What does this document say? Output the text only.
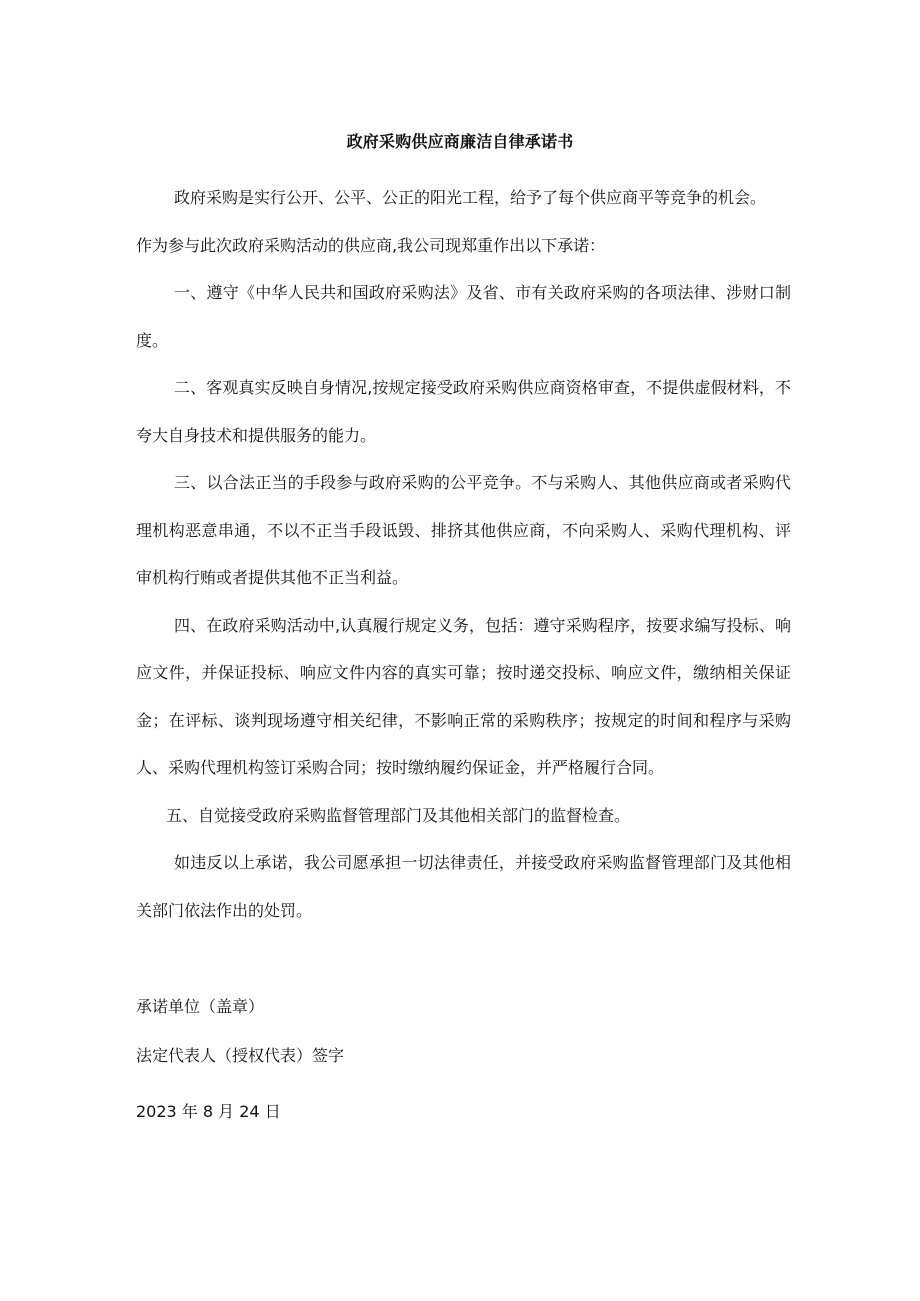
政府采购供应商廉洁自律承诺书

政府采购是实行公开、公平、公正的阳光工程，给予了每个供应商平等竞争的机会。

作为参与此次政府采购活动的供应商,我公司现郑重作出以下承诺：

一、遵守《中华人民共和国政府采购法》及省、市有关政府采购的各项法律、涉财口制度。

二、客观真实反映自身情况,按规定接受政府采购供应商资格审查，不提供虚假材料，不夸大自身技术和提供服务的能力。

三、以合法正当的手段参与政府采购的公平竞争。不与采购人、其他供应商或者采购代理机构恶意串通，不以不正当手段诋毁、排挤其他供应商，不向采购人、采购代理机构、评审机构行贿或者提供其他不正当利益。

四、在政府采购活动中,认真履行规定义务，包括：遵守采购程序，按要求编写投标、响应文件，并保证投标、响应文件内容的真实可靠；按时递交投标、响应文件，缴纳相关保证金；在评标、谈判现场遵守相关纪律，不影响正常的采购秩序；按规定的时间和程序与采购人、采购代理机构签订采购合同；按时缴纳履约保证金，并严格履行合同。

五、自觉接受政府采购监督管理部门及其他相关部门的监督检查。

如违反以上承诺，我公司愿承担一切法律责任，并接受政府采购监督管理部门及其他相关部门依法作出的处罚。

承诺单位（盖章）
法定代表人（授权代表）签字
2023 年 8 月 24 日
